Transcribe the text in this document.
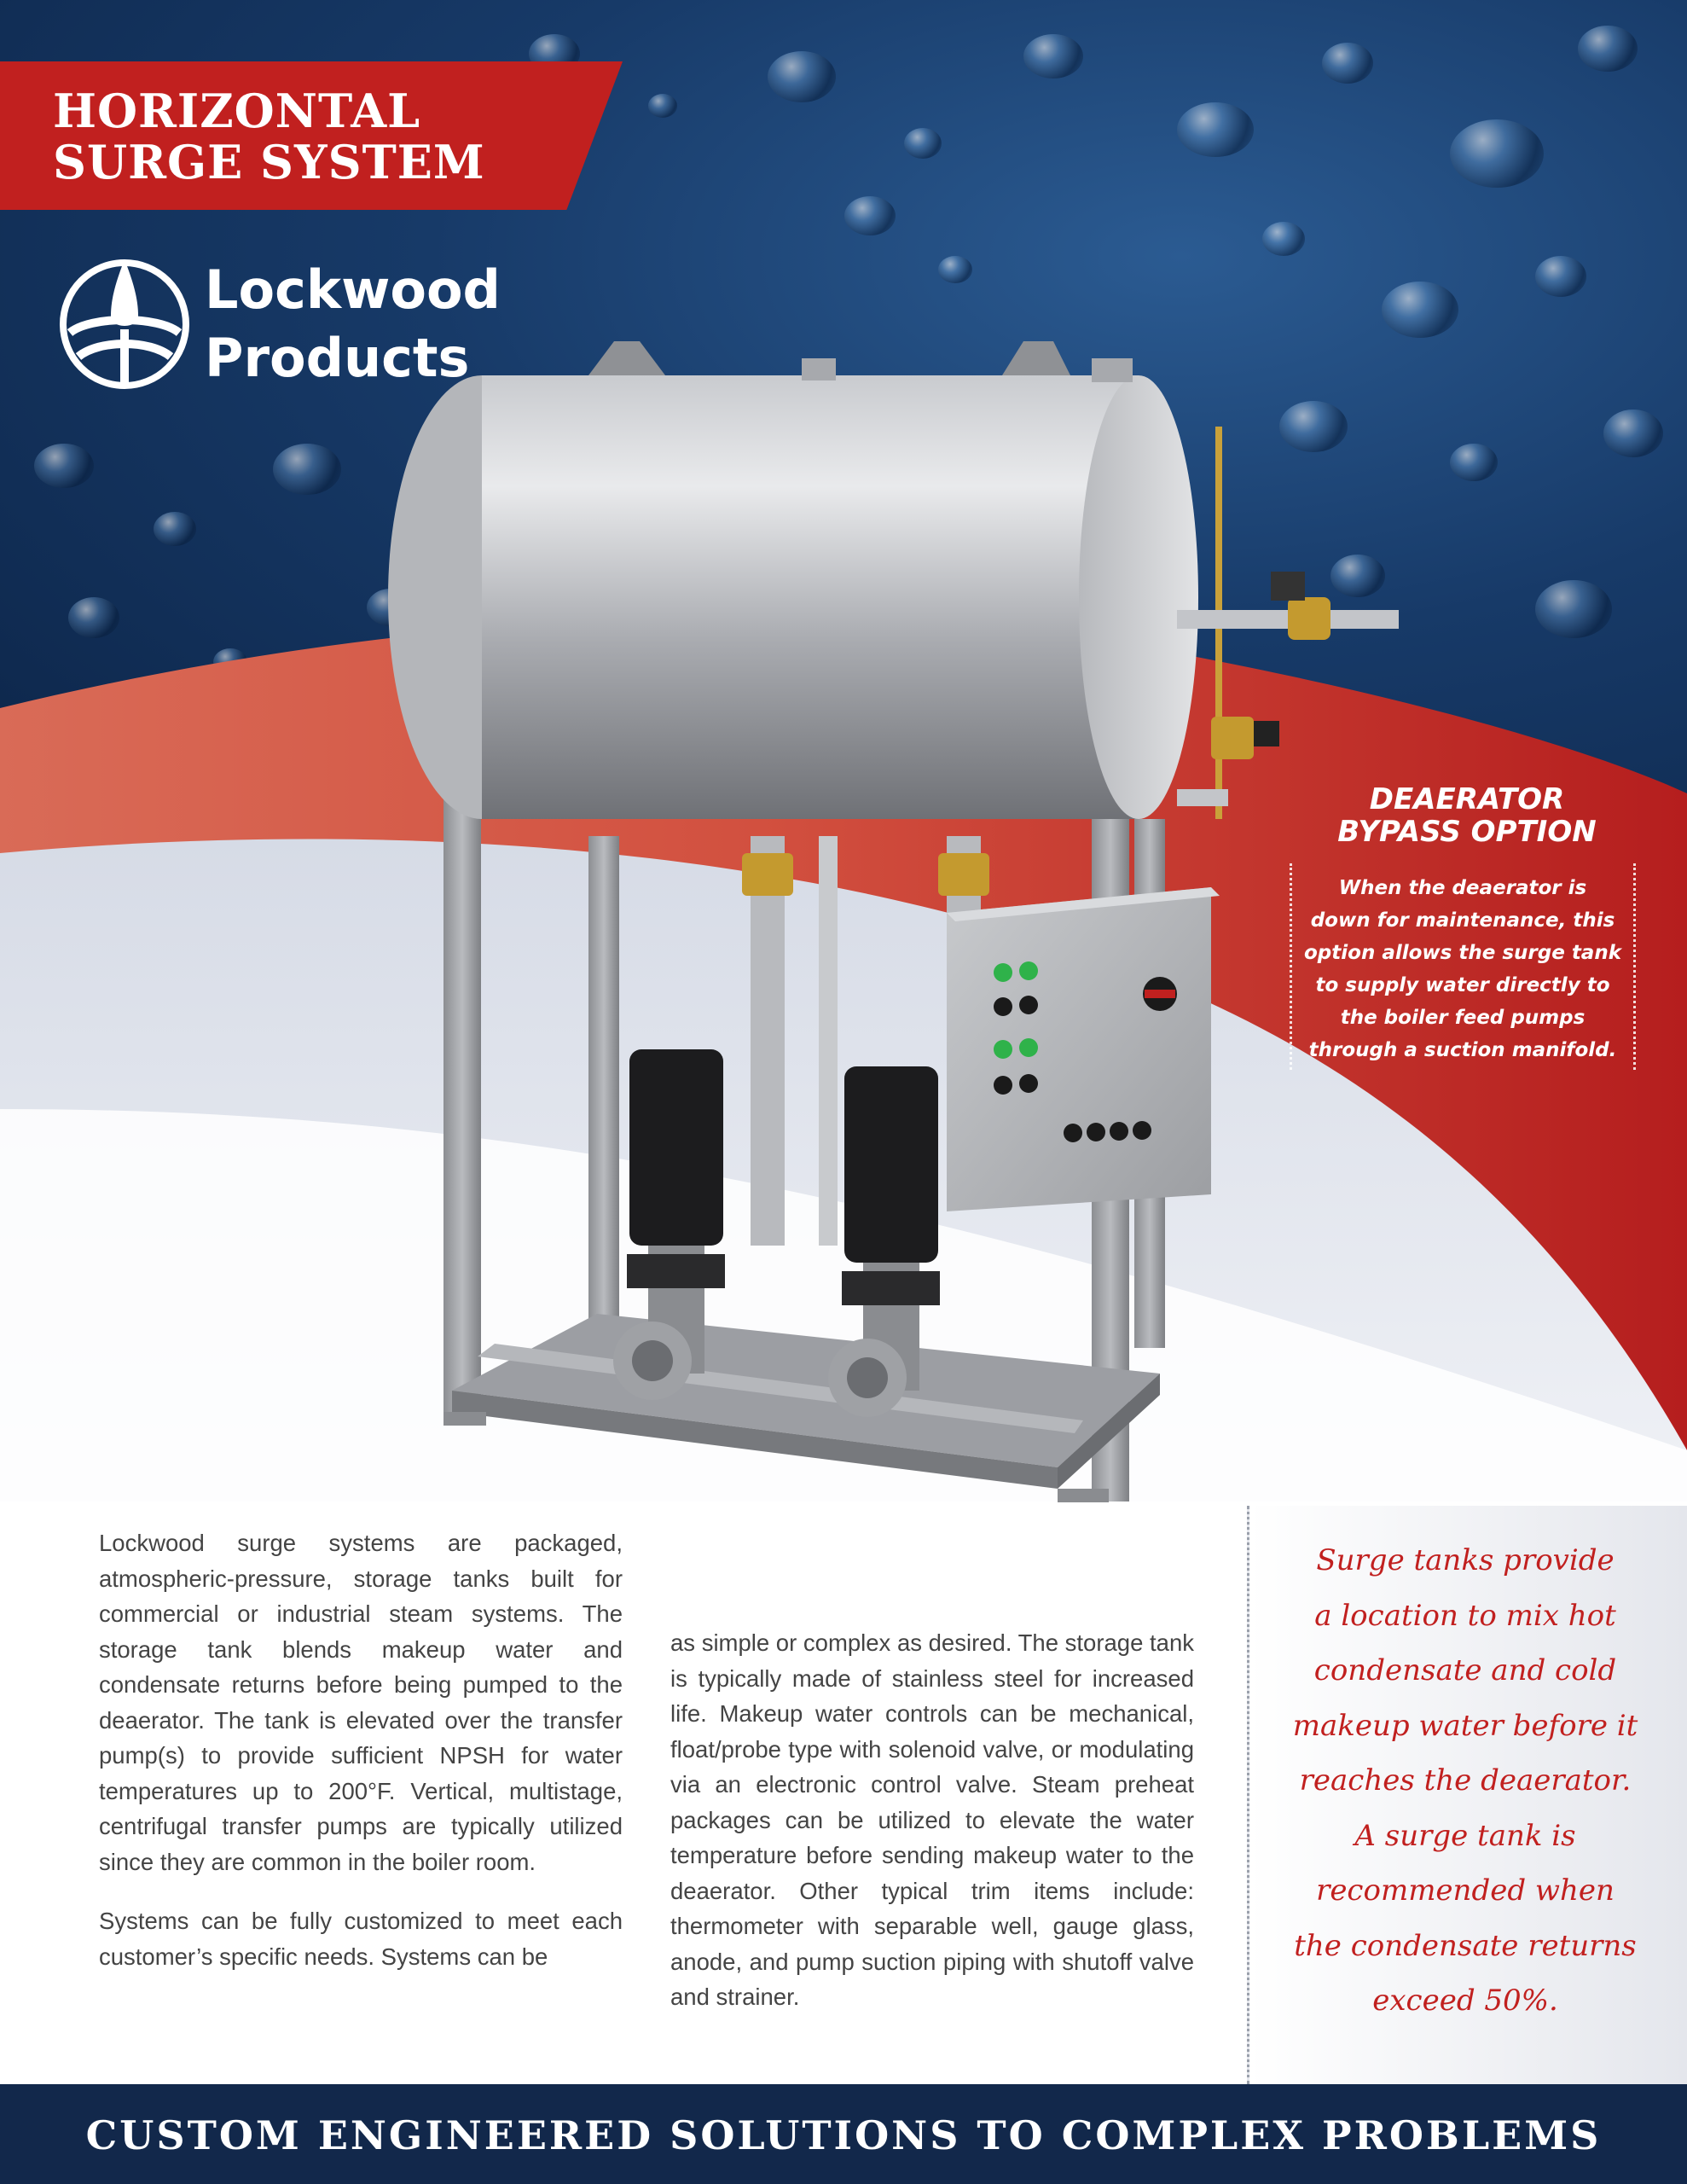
HORIZONTAL
SURGE SYSTEM
Lockwood
Products
DEAERATOR
BYPASS OPTION
When the deaerator is
down for maintenance, this
option allows the surge tank
to supply water directly to
the boiler feed pumps
through a suction manifold.

Lockwood surge systems are packaged, atmospheric-pressure, storage tanks built for commercial or industrial steam systems. The storage tank blends makeup water and condensate returns before being pumped to the deaerator. The tank is elevated over the transfer pump(s) to provide sufficient NPSH for water temperatures up to 200°F. Vertical, multistage, centrifugal transfer pumps are typically utilized since they are common in the boiler room.

Systems can be fully customized to meet each customer’s specific needs. Systems can be

as simple or complex as desired. The storage tank is typically made of stainless steel for increased life. Makeup water controls can be mechanical, float/probe type with solenoid valve, or modulating via an electronic control valve. Steam preheat packages can be utilized to elevate the water temperature before sending makeup water to the deaerator. Other typical trim items include: thermometer with separable well, gauge glass, anode, and pump suction piping with shutoff valve and strainer.

Surge tanks provide
a location to mix hot
condensate and cold
makeup water before it
reaches the deaerator.
A surge tank is
recommended when
the condensate returns
exceed 50%.
CUSTOM ENGINEERED SOLUTIONS TO COMPLEX PROBLEMS
